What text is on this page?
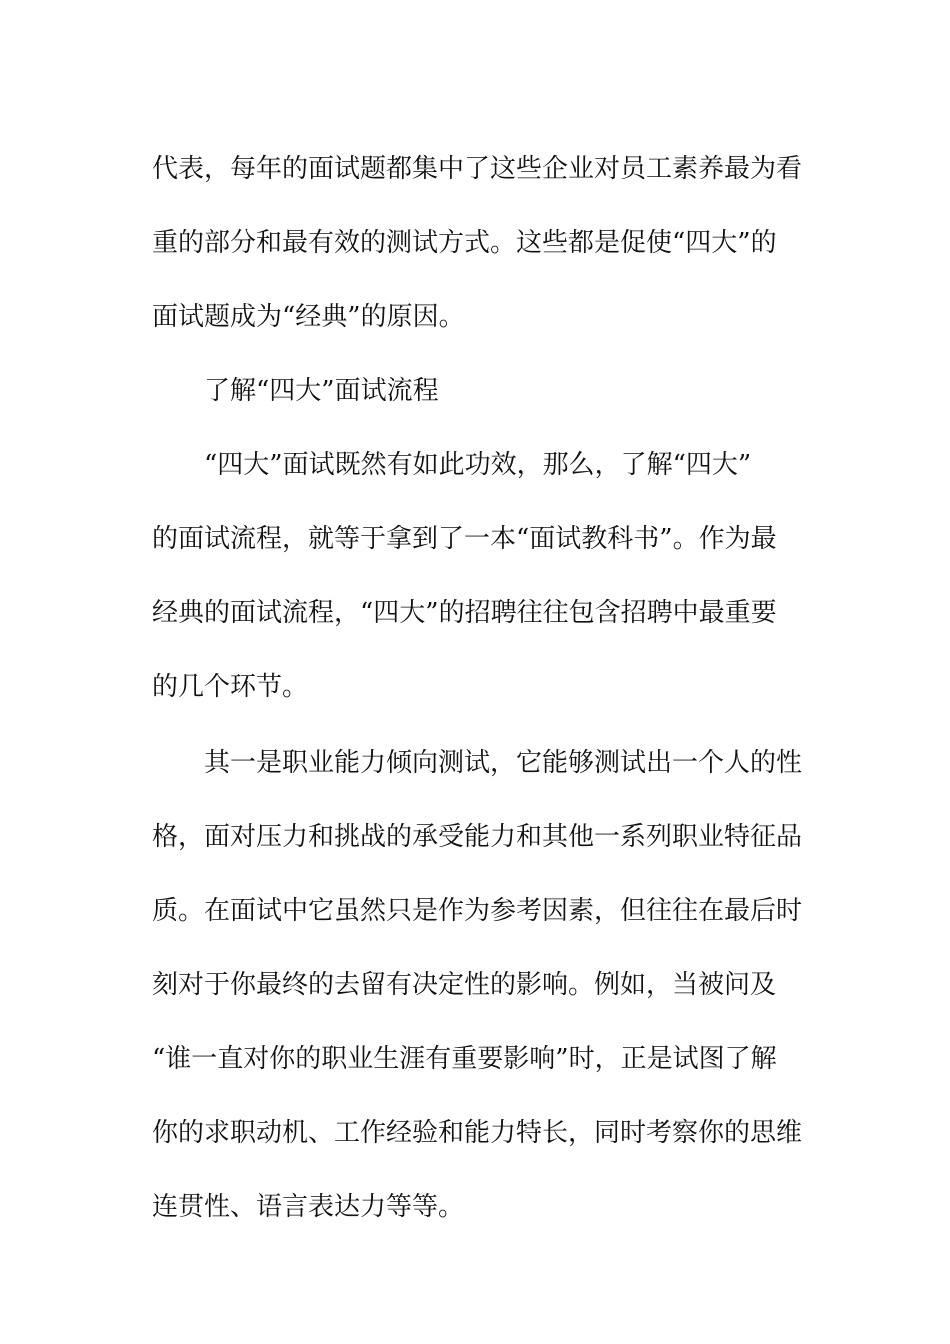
代表，每年的面试题都集中了这些企业对员工素养最为看
重的部分和最有效的测试方式。这些都是促使“四大”的
面试题成为“经典”的原因。
了解“四大”面试流程
“四大”面试既然有如此功效，那么，了解“四大”
的面试流程，就等于拿到了一本“面试教科书”。作为最
经典的面试流程，“四大”的招聘往往包含招聘中最重要
的几个环节。
其一是职业能力倾向测试，它能够测试出一个人的性
格，面对压力和挑战的承受能力和其他一系列职业特征品
质。在面试中它虽然只是作为参考因素，但往往在最后时
刻对于你最终的去留有决定性的影响。例如，当被问及
“谁一直对你的职业生涯有重要影响”时，正是试图了解
你的求职动机、工作经验和能力特长，同时考察你的思维
连贯性、语言表达力等等。
